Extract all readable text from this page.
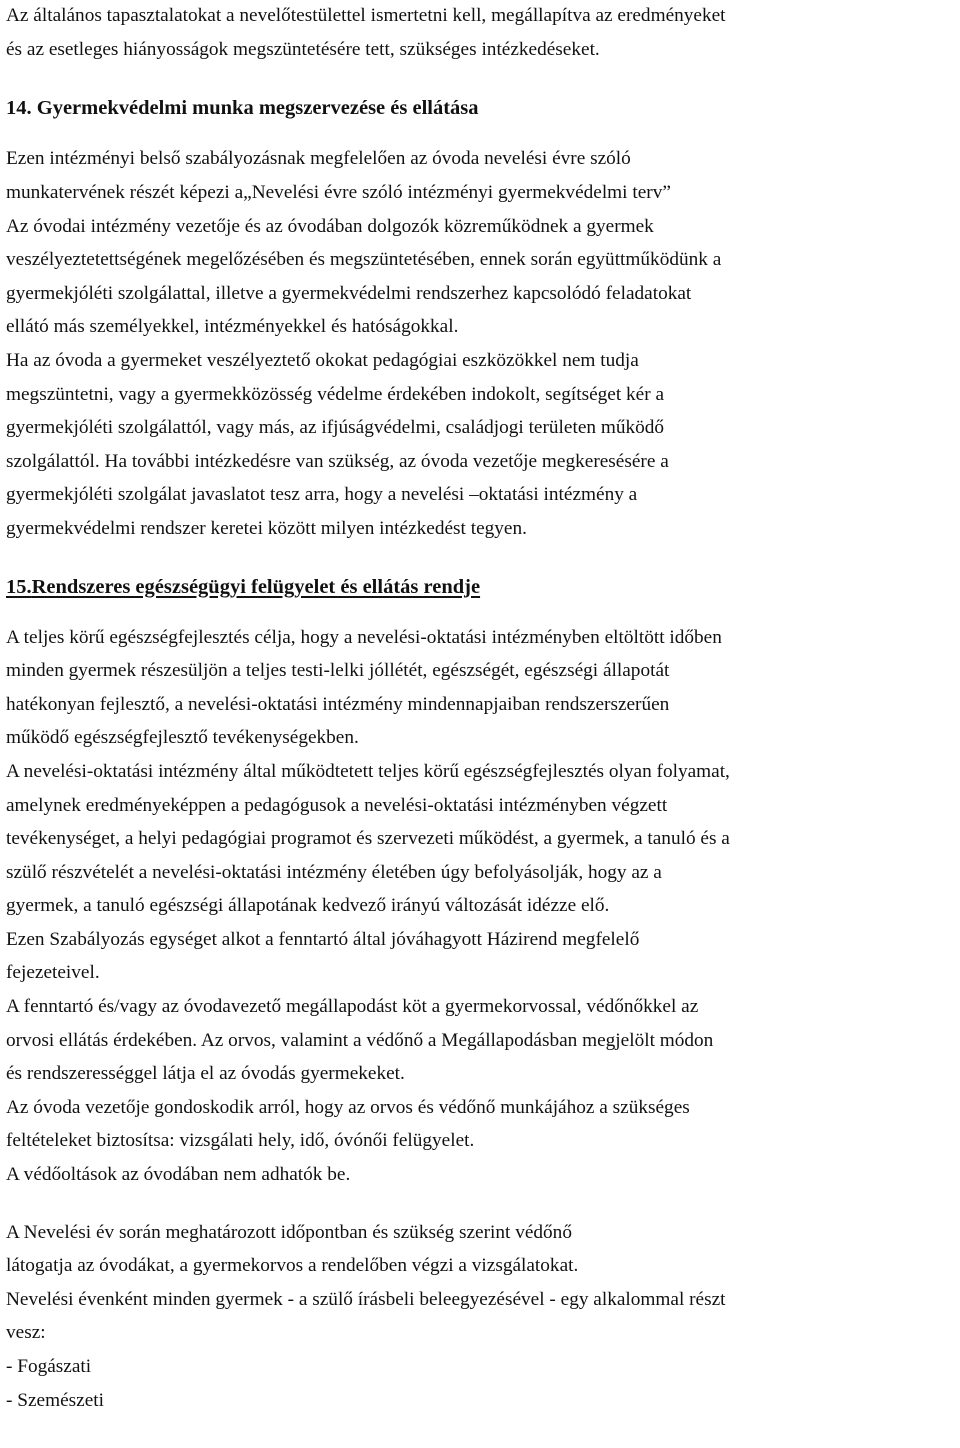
Az általános tapasztalatokat a nevelőtestülettel ismertetni kell, megállapítva az eredményeket
és az esetleges hiányosságok megszüntetésére tett, szükséges intézkedéseket.
14. Gyermekvédelmi munka megszervezése és ellátása
Ezen intézményi belső szabályozásnak megfelelően az óvoda nevelési évre szóló
munkatervének részét képezi a„Nevelési évre szóló intézményi gyermekvédelmi terv”
Az óvodai intézmény vezetője és az óvodában dolgozók közreműködnek a gyermek
veszélyeztetettségének megelőzésében és megszüntetésében, ennek során együttműködünk a
gyermekjóléti szolgálattal, illetve a gyermekvédelmi rendszerhez kapcsolódó feladatokat
ellátó más személyekkel, intézményekkel és hatóságokkal.
Ha az óvoda a gyermeket veszélyeztető okokat pedagógiai eszközökkel nem tudja
megszüntetni, vagy a gyermekközösség védelme érdekében indokolt, segítséget kér a
gyermekjóléti szolgálattól, vagy más, az ifjúságvédelmi, családjogi területen működő
szolgálattól. Ha további intézkedésre van szükség, az óvoda vezetője megkeresésére a
gyermekjóléti szolgálat javaslatot tesz arra, hogy a nevelési –oktatási intézmény a
gyermekvédelmi rendszer keretei között milyen intézkedést tegyen.
15.Rendszeres egészségügyi felügyelet és ellátás rendje
A teljes körű egészségfejlesztés célja, hogy a nevelési-oktatási intézményben eltöltött időben
minden gyermek részesüljön a teljes testi-lelki jóllétét, egészségét, egészségi állapotát
hatékonyan fejlesztő, a nevelési-oktatási intézmény mindennapjaiban rendszerszerűen
működő egészségfejlesztő tevékenységekben.
A nevelési-oktatási intézmény által működtetett teljes körű egészségfejlesztés olyan folyamat,
amelynek eredményeképpen a pedagógusok a nevelési-oktatási intézményben végzett
tevékenységet, a helyi pedagógiai programot és szervezeti működést, a gyermek, a tanuló és a
szülő részvételét a nevelési-oktatási intézmény életében úgy befolyásolják, hogy az a
gyermek, a tanuló egészségi állapotának kedvező irányú változását idézze elő.
Ezen Szabályozás egységet alkot a fenntartó által jóváhagyott Házirend megfelelő
fejezeteivel.
A fenntartó és/vagy az óvodavezető megállapodást köt a gyermekorvossal, védőnőkkel az
orvosi ellátás érdekében. Az orvos, valamint a védőnő a Megállapodásban megjelölt módon
és rendszerességgel látja el az óvodás gyermekeket.
Az óvoda vezetője gondoskodik arról, hogy az orvos és védőnő munkájához a szükséges
feltételeket biztosítsa: vizsgálati hely, idő, óvónői felügyelet.
A védőoltások az óvodában nem adhatók be.
A Nevelési év során meghatározott időpontban és szükség szerint védőnő
látogatja az óvodákat, a gyermekorvos a rendelőben végzi a vizsgálatokat.
Nevelési évenként minden gyermek - a szülő írásbeli beleegyezésével - egy alkalommal részt
vesz:
- Fogászati
- Szemészeti
